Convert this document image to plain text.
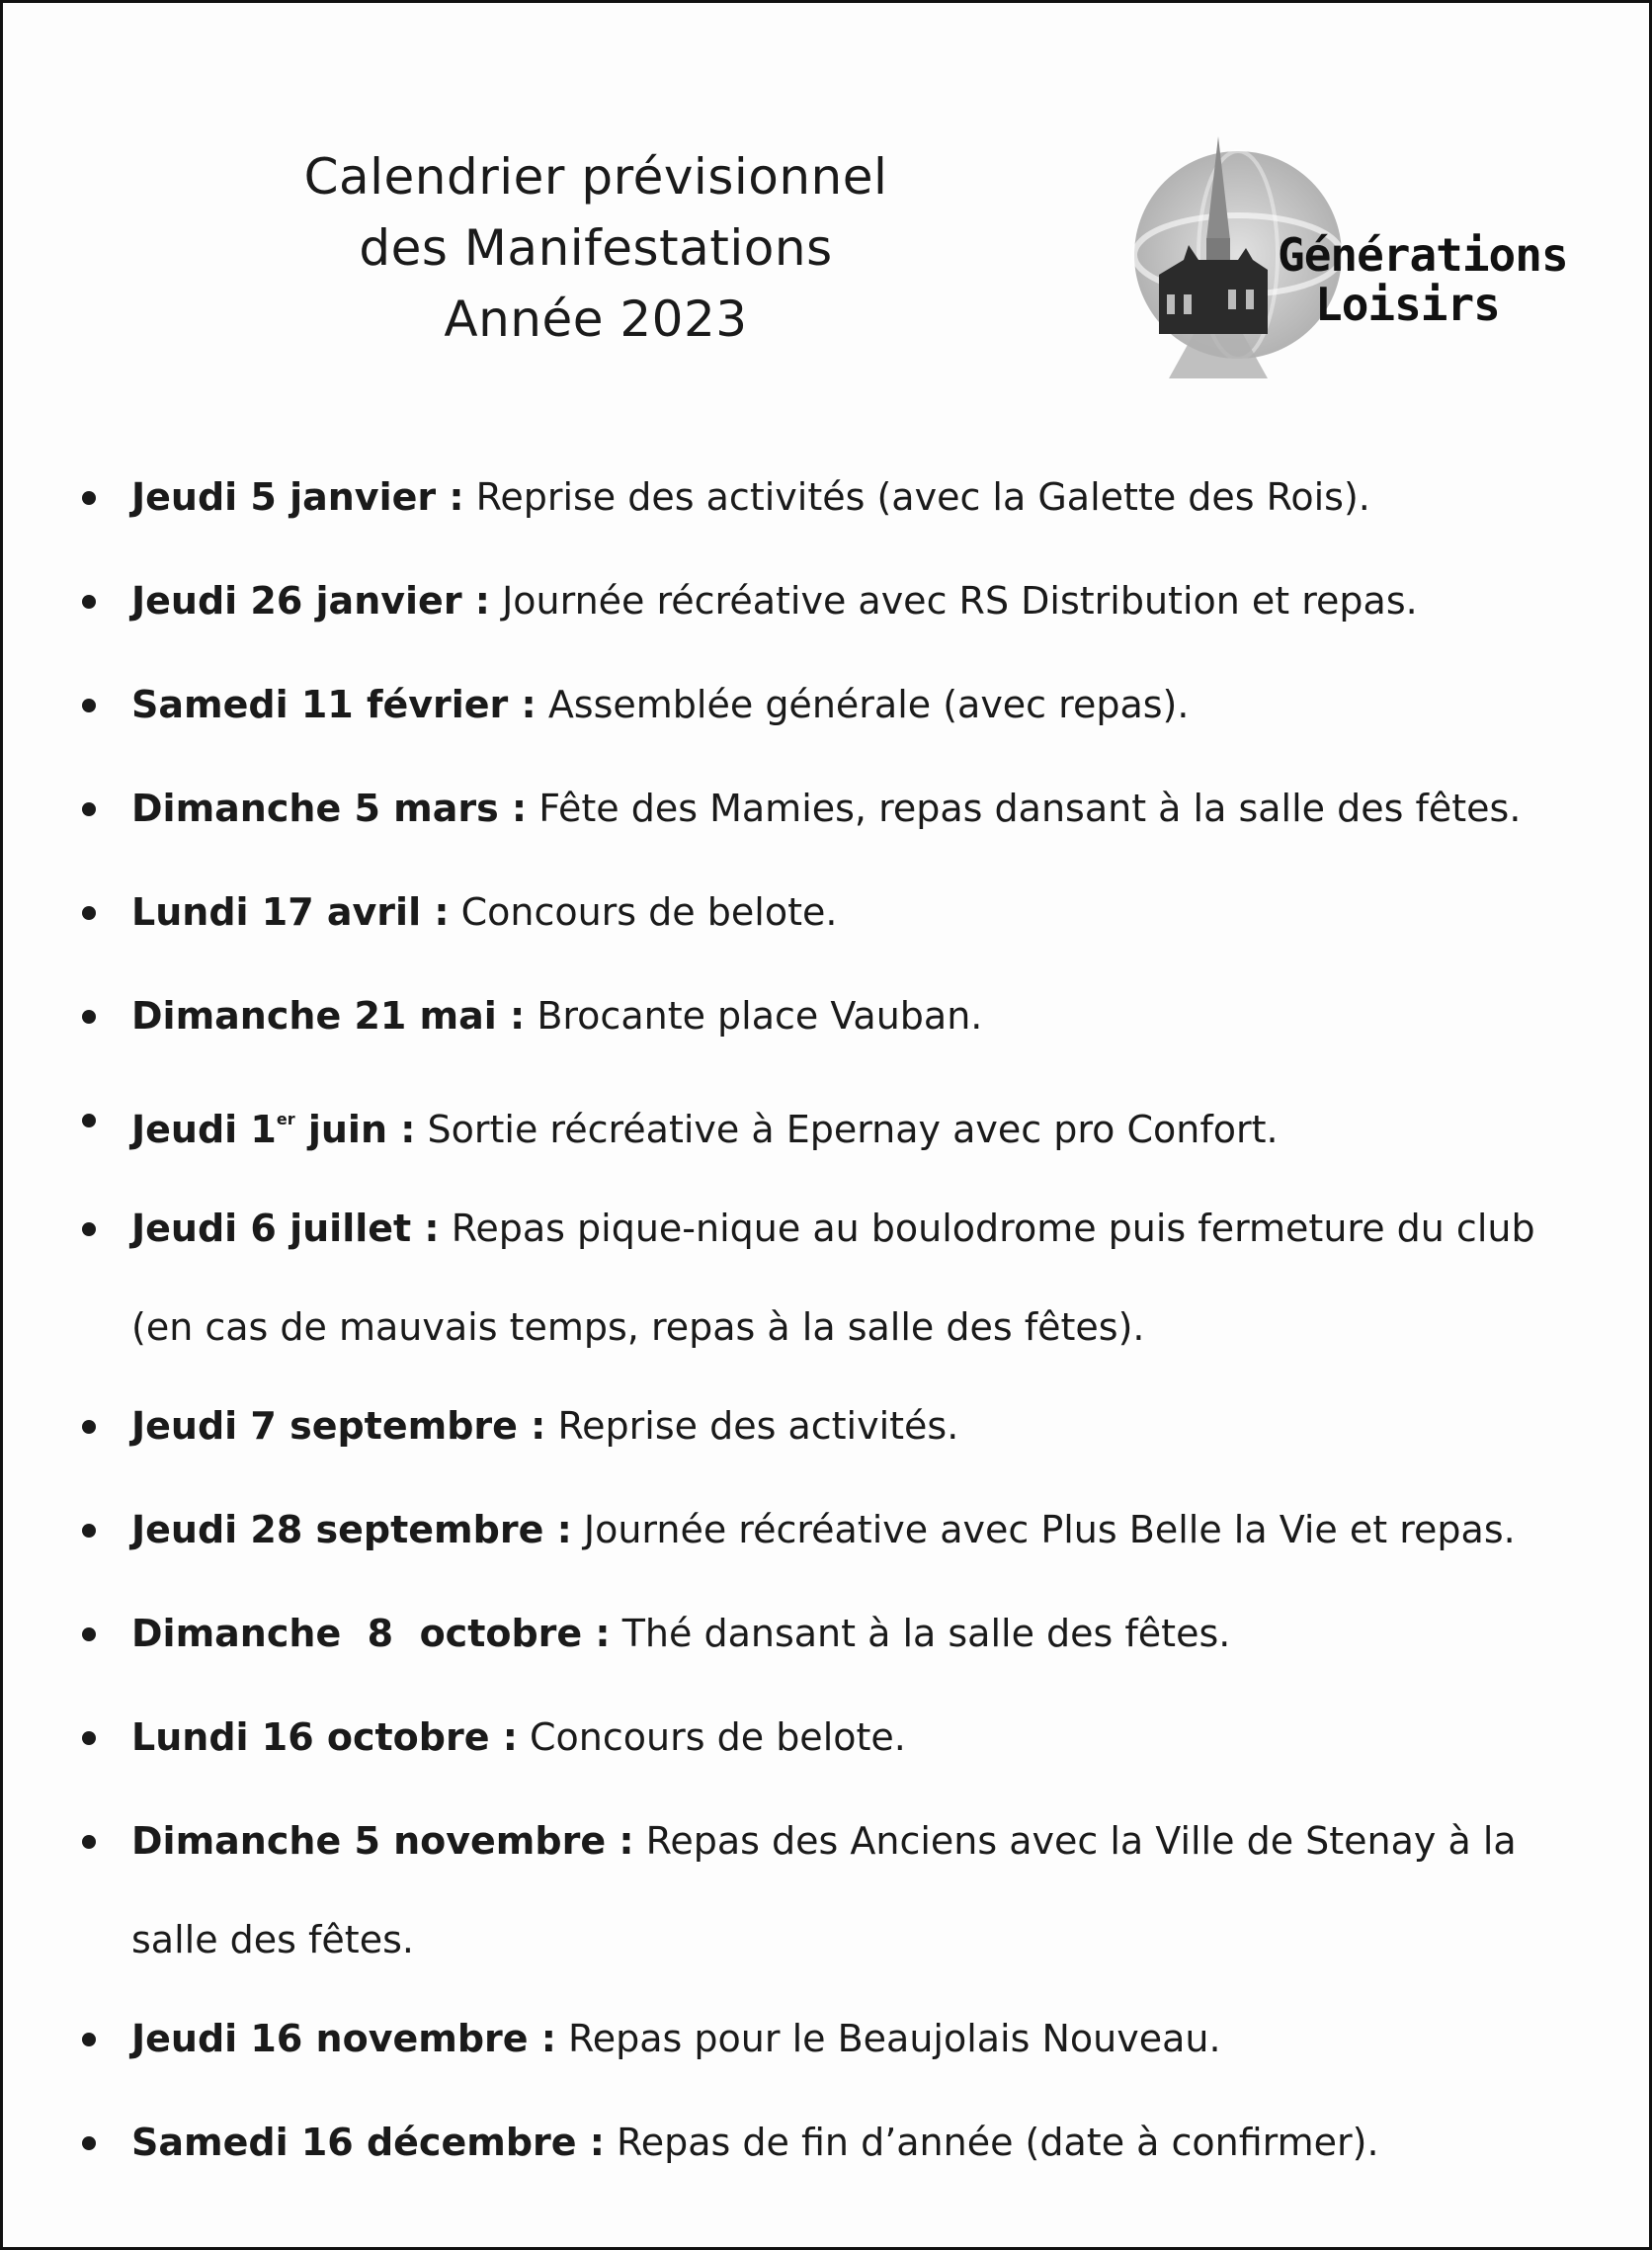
Calendrier prévisionnel
des Manifestations
Année 2023
Générations
Loisirs
Jeudi 5 janvier : Reprise des activités (avec la Galette des Rois).
Jeudi 26 janvier : Journée récréative avec RS Distribution et repas.
Samedi 11 février : Assemblée générale (avec repas).
Dimanche 5 mars : Fête des Mamies, repas dansant à la salle des fêtes.
Lundi 17 avril : Concours de belote.
Dimanche 21 mai : Brocante place Vauban.
Jeudi 1er juin : Sortie récréative à Epernay avec pro Confort.
Jeudi 6 juillet : Repas pique-nique au boulodrome puis fermeture du club (en cas de mauvais temps, repas à la salle des fêtes).
Jeudi 7 septembre : Reprise des activités.
Jeudi 28 septembre : Journée récréative avec Plus Belle la Vie et repas.
Dimanche  8  octobre : Thé dansant à la salle des fêtes.
Lundi 16 octobre : Concours de belote.
Dimanche 5 novembre : Repas des Anciens avec la Ville de Stenay à la salle des fêtes.
Jeudi 16 novembre : Repas pour le Beaujolais Nouveau.
Samedi 16 décembre : Repas de fin d’année (date à confirmer).
